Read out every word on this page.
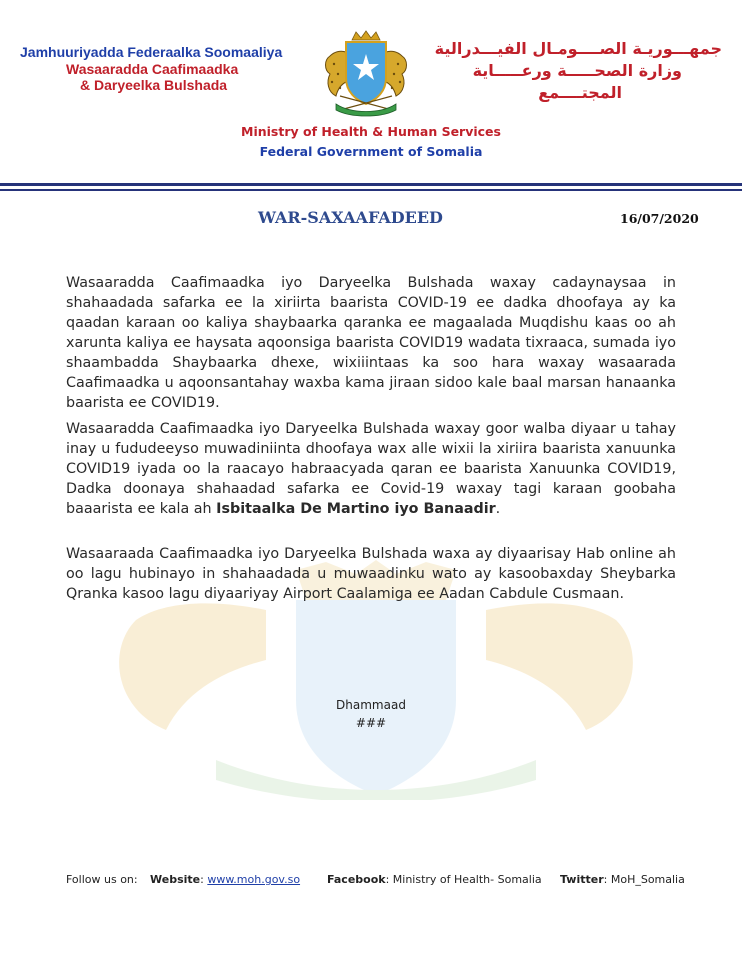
Jamhuuriyadda Federaalka Soomaaliya
Wasaaradda Caafimaadka
& Daryeelka Bulshada
جمهـــوريـة الصــــومـال الفيـــدرالية
وزارة الصحـــــة ورعـــــاية
المجتــــمع
Ministry of Health & Human Services
Federal Government of Somalia
WAR-SAXAAFADEED	16/07/2020
Wasaaradda Caafimaadka iyo Daryeelka Bulshada waxay cadaynaysaa in shahaadada safarka ee la xiriirta baarista COVID-19 ee dadka dhoofaya ay ka qaadan karaan oo kaliya shaybaarka qaranka ee magaalada Muqdishu kaas oo ah xarunta kaliya ee haysata aqoonsiga baarista COVID19 wadata tixraaca, sumada iyo shaambadda Shaybaarka dhexe, wixiiintaas ka soo hara waxay wasaarada Caafimaadka u aqoonsantahay waxba kama jiraan sidoo kale baal marsan hanaanka baarista ee COVID19.
Wasaaradda Caafimaadka iyo Daryeelka Bulshada waxay goor walba diyaar u tahay inay u fududeeyso muwadiniinta dhoofaya wax alle wixii la xiriira baarista xanuunka COVID19 iyada oo la raacayo habraacyada qaran ee baarista Xanuunka COVID19, Dadka doonaya shahaadad safarka ee Covid-19 waxay tagi karaan goobaha baaarista ee kala ah Isbitaalka De Martino iyo Banaadir.
Wasaaraada Caafimaadka iyo Daryeelka Bulshada waxa ay diyaarisay Hab online ah oo lagu hubinayo in shahaadada u muwaadinku wato ay kasoobaxday Sheybarka Qranka kasoo lagu diyaariyay Airport Caalamiga ee Aadan Cabdule Cusmaan.
Dhammaad
###
Follow us on: Website: www.moh.gov.so Facebook: Ministry of Health- Somalia Twitter: MoH_Somalia
